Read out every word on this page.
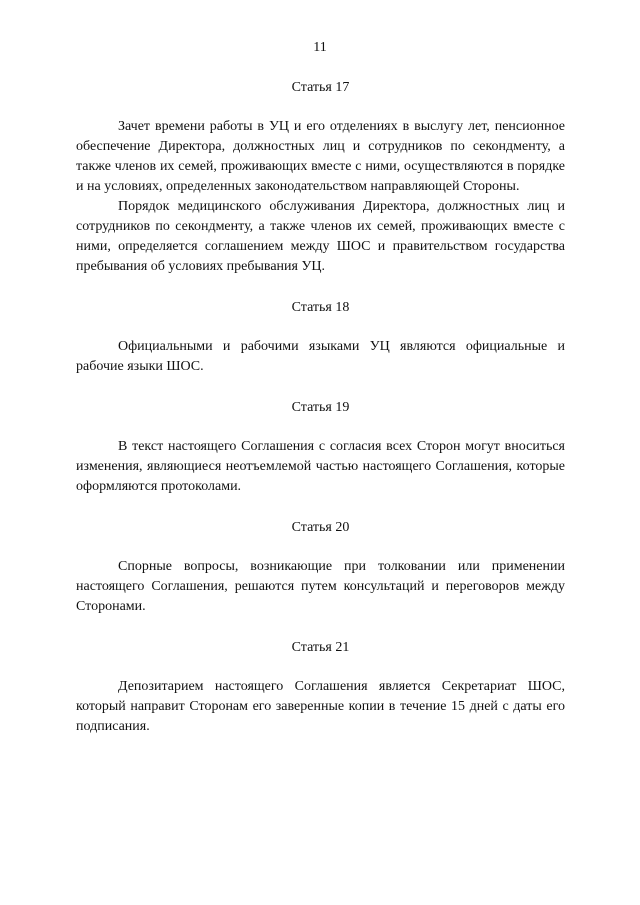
11
Статья 17

Зачет времени работы в УЦ и его отделениях в выслугу лет, пенсионное обеспечение Директора, должностных лиц и сотрудников по секондменту, а также членов их семей, проживающих вместе с ними, осуществляются в порядке и на условиях, определенных законодательством направляющей Стороны.

Порядок медицинского обслуживания Директора, должностных лиц и сотрудников по секондменту, а также членов их семей, проживающих вместе с ними, определяется соглашением между ШОС и правительством государства пребывания об условиях пребывания УЦ.

Статья 18

Официальными и рабочими языками УЦ являются официальные и рабочие языки ШОС.

Статья 19

В текст настоящего Соглашения с согласия всех Сторон могут вноситься изменения, являющиеся неотъемлемой частью настоящего Соглашения, которые оформляются протоколами.

Статья 20

Спорные вопросы, возникающие при толковании или применении настоящего Соглашения, решаются путем консультаций и переговоров между Сторонами.

Статья 21

Депозитарием настоящего Соглашения является Секретариат ШОС, который направит Сторонам его заверенные копии в течение 15 дней с даты его подписания.
